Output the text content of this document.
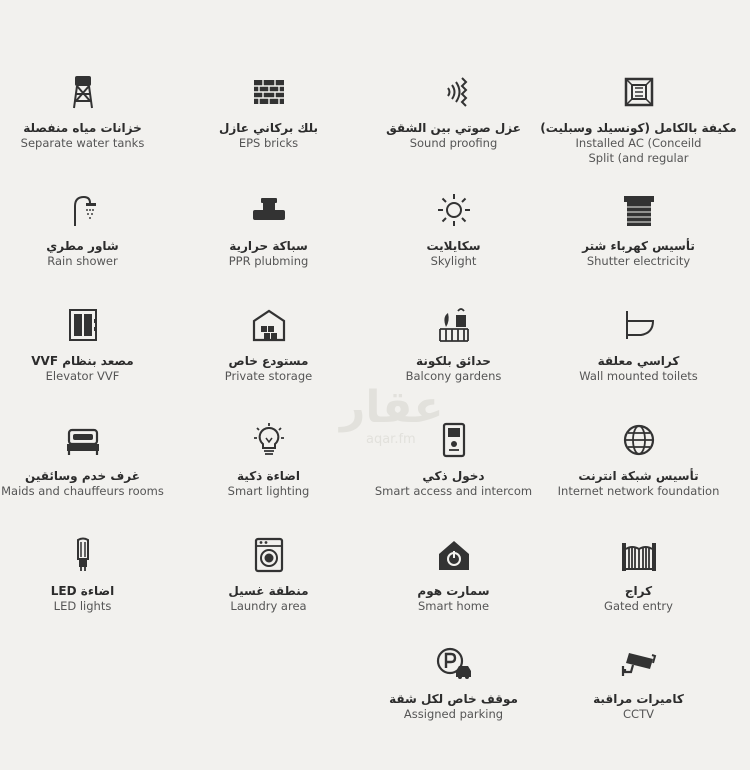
عقار
aqar.fm
خزانات مياه منفصلة
Separate water tanks
بلك بركاني عازل
EPS bricks
عزل صوتي بين الشقق
Sound proofing
مكيفة بالكامل (كونسيلد وسبليت)
Installed AC (Conceild Split (and regular
شاور مطري
Rain shower
سباكة حرارية
PPR plubming
سكايلايت
Skylight
تأسيس كهرباء شتر
Shutter electricity
مصعد بنظام VVF
Elevator VVF
مستودع خاص
Private storage
حدائق بلكونة
Balcony gardens
كراسي معلقة
Wall mounted toilets
غرف خدم وسائقين
Maids and chauffeurs rooms
اضاءة ذكية
Smart lighting
دخول ذكي
Smart access and intercom
تأسيس شبكة انترنت
Internet network foundation
اضاءة LED
LED lights
منطقة غسيل
Laundry area
سمارت هوم
Smart home
كراج
Gated entry
موقف خاص لكل شقة
Assigned parking
كاميرات مراقبة
CCTV
